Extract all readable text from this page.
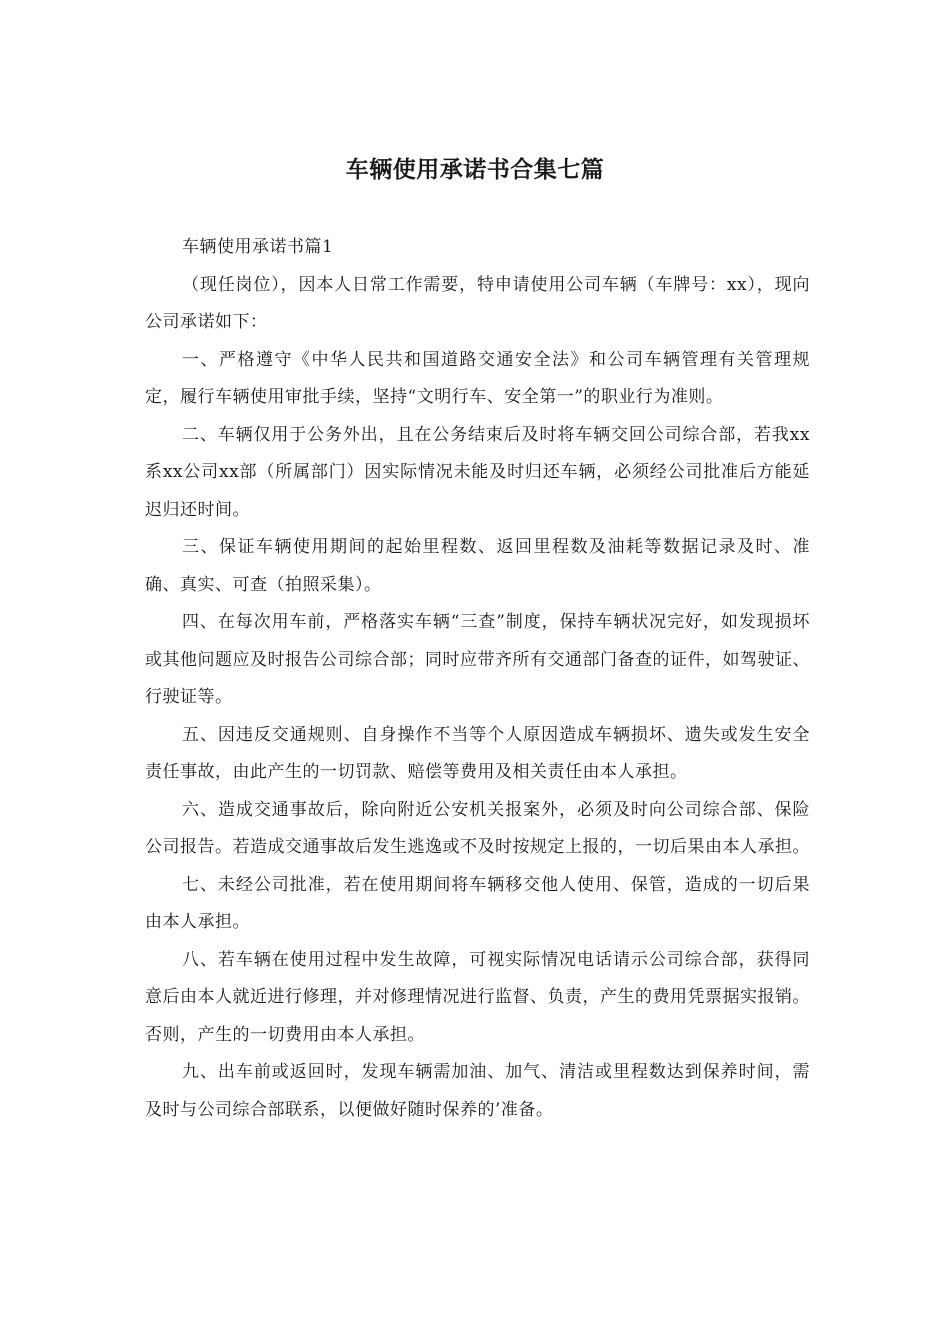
车辆使用承诺书合集七篇

车辆使用承诺书篇1

（现任岗位），因本人日常工作需要，特申请使用公司车辆（车牌号：xx），现向公司承诺如下：

一、严格遵守《中华人民共和国道路交通安全法》和公司车辆管理有关管理规定，履行车辆使用审批手续，坚持“文明行车、安全第一”的职业行为准则。

二、车辆仅用于公务外出，且在公务结束后及时将车辆交回公司综合部，若我xx系xx公司xx部（所属部门）因实际情况未能及时归还车辆，必须经公司批准后方能延迟归还时间。

三、保证车辆使用期间的起始里程数、返回里程数及油耗等数据记录及时、准确、真实、可查（拍照采集）。

四、在每次用车前，严格落实车辆“三查”制度，保持车辆状况完好，如发现损坏或其他问题应及时报告公司综合部；同时应带齐所有交通部门备查的证件，如驾驶证、行驶证等。

五、因违反交通规则、自身操作不当等个人原因造成车辆损坏、遗失或发生安全责任事故，由此产生的一切罚款、赔偿等费用及相关责任由本人承担。

六、造成交通事故后，除向附近公安机关报案外，必须及时向公司综合部、保险公司报告。若造成交通事故后发生逃逸或不及时按规定上报的，一切后果由本人承担。

七、未经公司批准，若在使用期间将车辆移交他人使用、保管，造成的一切后果由本人承担。

八、若车辆在使用过程中发生故障，可视实际情况电话请示公司综合部，获得同意后由本人就近进行修理，并对修理情况进行监督、负责，产生的费用凭票据实报销。否则，产生的一切费用由本人承担。

九、出车前或返回时，发现车辆需加油、加气、清洁或里程数达到保养时间，需及时与公司综合部联系，以便做好随时保养的’准备。
